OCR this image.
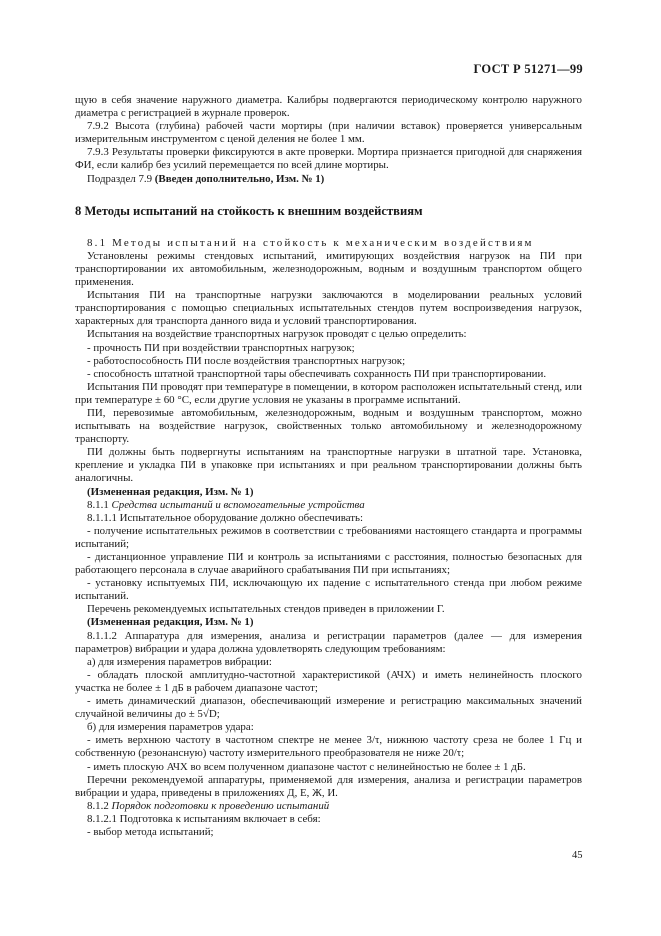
ГОСТ Р 51271—99

щую в себя значение наружного диаметра. Калибры подвергаются периодическому контролю наружного диаметра с регистрацией в журнале проверок.

7.9.2 Высота (глубина) рабочей части мортиры (при наличии вставок) проверяется универсальным измерительным инструментом с ценой деления не более 1 мм.

7.9.3 Результаты проверки фиксируются в акте проверки. Мортира признается пригодной для снаряжения ФИ, если калибр без усилий перемещается по всей длине мортиры.

Подраздел 7.9 (Введен дополнительно, Изм. № 1)

8 Методы испытаний на стойкость к внешним воздействиям

8.1 Методы испытаний на стойкость к механическим воздействиям

Установлены режимы стендовых испытаний, имитирующих воздействия нагрузок на ПИ при транспортировании их автомобильным, железнодорожным, водным и воздушным транспортом общего применения.

Испытания ПИ на транспортные нагрузки заключаются в моделировании реальных условий транспортирования с помощью специальных испытательных стендов путем воспроизведения нагрузок, характерных для транспорта данного вида и условий транспортирования.

Испытания на воздействие транспортных нагрузок проводят с целью определить:

- прочность ПИ при воздействии транспортных нагрузок;

- работоспособность ПИ после воздействия транспортных нагрузок;

- способность штатной транспортной тары обеспечивать сохранность ПИ при транспортировании.

Испытания ПИ проводят при температуре в помещении, в котором расположен испытательный стенд, или при температуре ± 60 °С, если другие условия не указаны в программе испытаний.

ПИ, перевозимые автомобильным, железнодорожным, водным и воздушным транспортом, можно испытывать на воздействие нагрузок, свойственных только автомобильному и железнодорожному транспорту.

ПИ должны быть подвергнуты испытаниям на транспортные нагрузки в штатной таре. Установка, крепление и укладка ПИ в упаковке при испытаниях и при реальном транспортировании должны быть аналогичны.

(Измененная редакция, Изм. № 1)

8.1.1 Средства испытаний и вспомогательные устройства

8.1.1.1 Испытательное оборудование должно обеспечивать:

- получение испытательных режимов в соответствии с требованиями настоящего стандарта и программы испытаний;

- дистанционное управление ПИ и контроль за испытаниями с расстояния, полностью безопасных для работающего персонала в случае аварийного срабатывания ПИ при испытаниях;

- установку испытуемых ПИ, исключающую их падение с испытательного стенда при любом режиме испытаний.

Перечень рекомендуемых испытательных стендов приведен в приложении Г.

(Измененная редакция, Изм. № 1)

8.1.1.2 Аппаратура для измерения, анализа и регистрации параметров (далее — для измерения параметров) вибрации и удара должна удовлетворять следующим требованиям:

а) для измерения параметров вибрации:

- обладать плоской амплитудно-частотной характеристикой (АЧХ) и иметь нелинейность плоского участка не более ± 1 дБ в рабочем диапазоне частот;

- иметь динамический диапазон, обеспечивающий измерение и регистрацию максимальных значений случайной величины до ± 5√D;

б) для измерения параметров удара:

- иметь верхнюю частоту в частотном спектре не менее 3/τ, нижнюю частоту среза не более 1 Гц и собственную (резонансную) частоту измерительного преобразователя не ниже 20/τ;

- иметь плоскую АЧХ во всем полученном диапазоне частот с нелинейностью не более ± 1 дБ.

Перечни рекомендуемой аппаратуры, применяемой для измерения, анализа и регистрации параметров вибрации и удара, приведены в приложениях Д, Е, Ж, И.

8.1.2 Порядок подготовки к проведению испытаний

8.1.2.1 Подготовка к испытаниям включает в себя:

- выбор метода испытаний;

45
